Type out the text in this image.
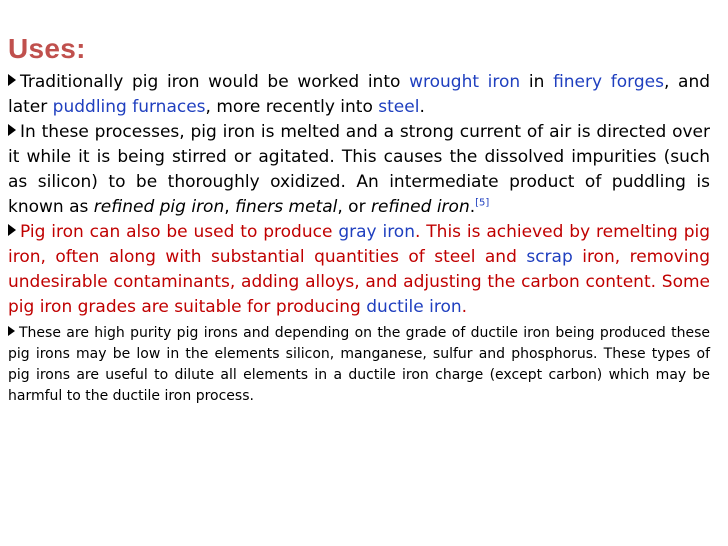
Uses:

Traditionally pig iron would be worked into wrought iron in finery forges, and later puddling furnaces, more recently into steel.

In these processes, pig iron is melted and a strong current of air is directed over it while it is being stirred or agitated. This causes the dissolved impurities (such as silicon) to be thoroughly oxidized. An intermediate product of puddling is known as refined pig iron, finers metal, or refined iron.[5]

Pig iron can also be used to produce gray iron. This is achieved by remelting pig iron, often along with substantial quantities of steel and scrap iron, removing undesirable contaminants, adding alloys, and adjusting the carbon content. Some pig iron grades are suitable for producing ductile iron.

These are high purity pig irons and depending on the grade of ductile iron being produced these pig irons may be low in the elements silicon, manganese, sulfur and phosphorus. These types of pig irons are useful to dilute all elements in a ductile iron charge (except carbon) which may be harmful to the ductile iron process.
